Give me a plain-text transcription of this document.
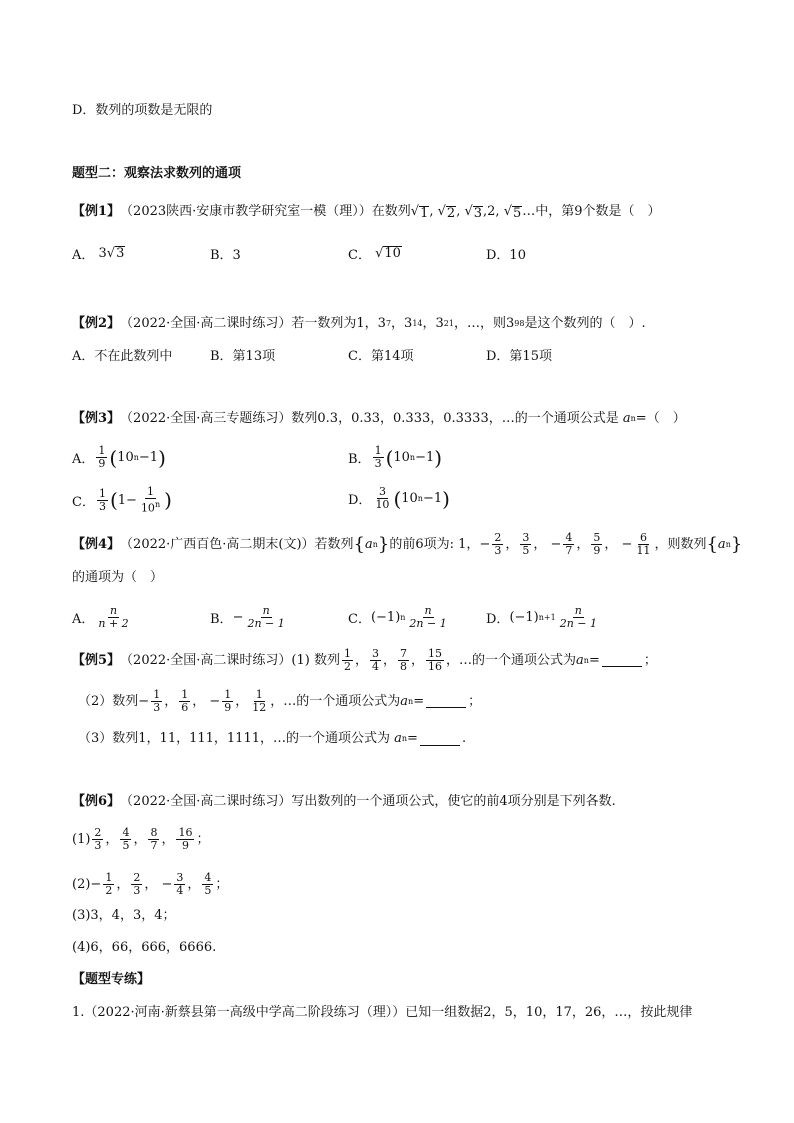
D．数列的项数是无限的
题型二：观察法求数列的通项
【例1】 （2023陕西·安康市教学研究室一模（理））在数列 √ 1 , √ 2 , √ 3 ,2, √ 5 …中，第9个数是（　）
A． 3 √ 3	B．3	C．
√ 10	D．10
【例2】 （2022·全国·高二课时练习）若一数列为1，3 7 ，3 14 ，3 21 ，…，则3 98 是这个数列的（　）.
A．不在此数列中	B．第13项	C．第14项	D．第15项
【例3】 （2022·全国·高三专题练习）数列0.3，0.33，0.333，0.3333，…的一个通项公式是
a n =（　）
A． $\frac{1}{9}$ ( 10 n −1 )	B． $\frac{1}{3}$ ( 10 n −1 )
C． $\frac{1}{3}$ ( $1- \frac{1}{10^n}$ )	D． $\frac{3}{10}$ ( 10 n −1 )
【例4】 （2022·广西百色·高二期末(文)）若数列 { a n } 的前6项为: 1， − $\frac{2}{3}$ ， $\frac{3}{5}$ ， − $\frac{4}{7}$ ， $\frac{5}{9}$ ， − $\frac{6}{11}$ ， 则数列 { a n }
的通项为（　）
A． $\frac{n}{n + 2}$	B． − $\frac{n}{2n - 1}$	C． (−1) n $\frac{n}{2n - 1}$	D． (−1) $n+1 \frac{n}{2n - 1}$
【例5】 （2022·全国·高二课时练习）(1) 数列 $\frac{1}{2}$ ， $\frac{3}{4}$ ， $\frac{7}{8}$ ， $\frac{15}{16}$ ，…的一个通项公式为 a n =	；
（2）数列 − $\frac{1}{3}$ ， $\frac{1}{6}$ ， − $\frac{1}{9}$ ， $\frac{1}{12}$ ，…的一个通项公式为 a n =	；
（3）数列1，11，111，1111，…的一个通项公式为
a n =	.
【例6】 （2022·全国·高二课时练习）写出数列的一个通项公式，使它的前4项分别是下列各数.
$(1) \frac{2}{3}$ ， $\frac{4}{5}$ ， $\frac{8}{7}$ ， $\frac{16}{9}$ ；
$(2) - \frac{1}{2}$ ， $\frac{2}{3}$ ， − $\frac{3}{4}$ ， $\frac{4}{5}$ ；
(3)3，4，3，4；
(4)6，66，666，6666.
【题型专练】
1.（2022·河南·新蔡县第一高级中学高二阶段练习（理））已知一组数据2，5，10，17，26，…，按此规律
